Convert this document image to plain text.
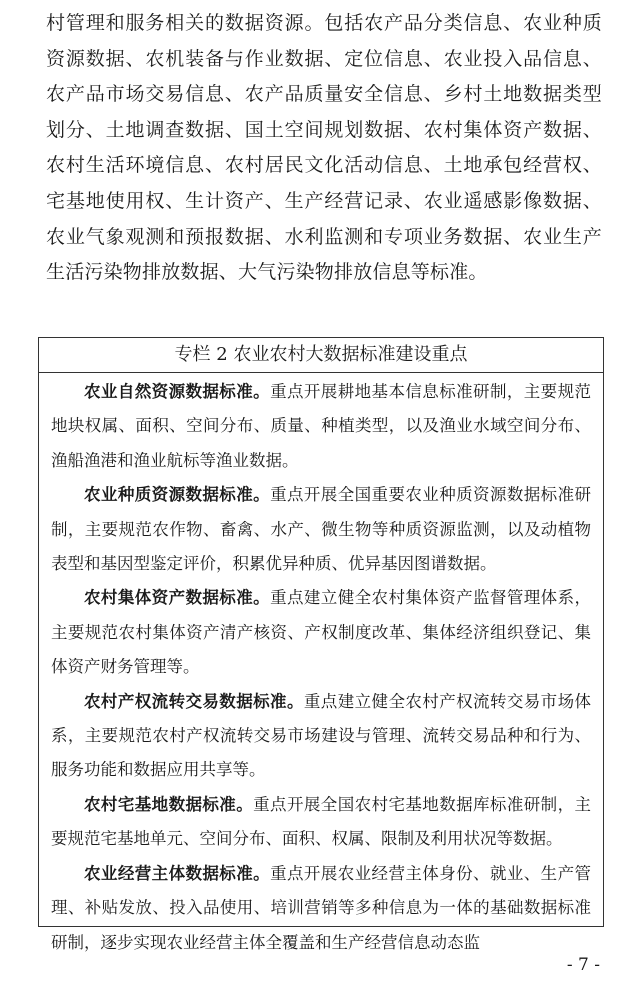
村管理和服务相关的数据资源。包括农产品分类信息、农业种质资源数据、农机装备与作业数据、定位信息、农业投入品信息、农产品市场交易信息、农产品质量安全信息、乡村土地数据类型划分、土地调查数据、国土空间规划数据、农村集体资产数据、农村生活环境信息、农村居民文化活动信息、土地承包经营权、宅基地使用权、生计资产、生产经营记录、农业遥感影像数据、农业气象观测和预报数据、水利监测和专项业务数据、农业生产生活污染物排放数据、大气污染物排放信息等标准。

专栏 2 农业农村大数据标准建设重点

农业自然资源数据标准。重点开展耕地基本信息标准研制，主要规范地块权属、面积、空间分布、质量、种植类型，以及渔业水域空间分布、渔船渔港和渔业航标等渔业数据。

农业种质资源数据标准。重点开展全国重要农业种质资源数据标准研制，主要规范农作物、畜禽、水产、微生物等种质资源监测，以及动植物表型和基因型鉴定评价，积累优异种质、优异基因图谱数据。

农村集体资产数据标准。重点建立健全农村集体资产监督管理体系，主要规范农村集体资产清产核资、产权制度改革、集体经济组织登记、集体资产财务管理等。

农村产权流转交易数据标准。重点建立健全农村产权流转交易市场体系，主要规范农村产权流转交易市场建设与管理、流转交易品种和行为、服务功能和数据应用共享等。

农村宅基地数据标准。重点开展全国农村宅基地数据库标准研制，主要规范宅基地单元、空间分布、面积、权属、限制及利用状况等数据。

农业经营主体数据标准。重点开展农业经营主体身份、就业、生产管理、补贴发放、投入品使用、培训营销等多种信息为一体的基础数据标准研制，逐步实现农业经营主体全覆盖和生产经营信息动态监

- 7 -
